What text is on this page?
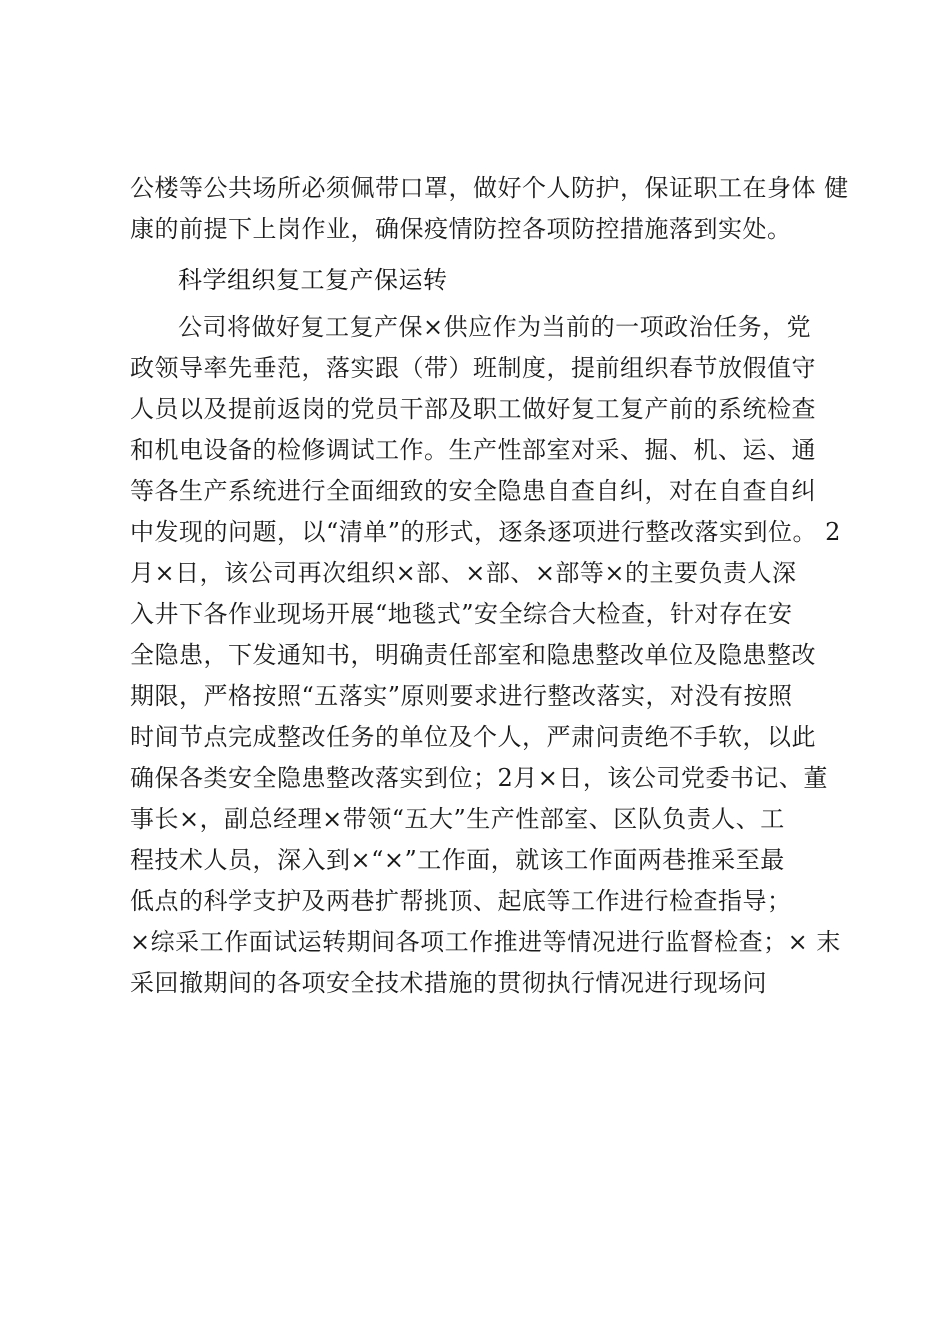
公楼等公共场所必须佩带口罩，做好个人防护，保证职工在身体 健
康的前提下上岗作业，确保疫情防控各项防控措施落到实处。
科学组织复工复产保运转
公司将做好复工复产保×供应作为当前的一项政治任务，党
政领导率先垂范，落实跟（带）班制度，提前组织春节放假值守
人员以及提前返岗的党员干部及职工做好复工复产前的系统检查
和机电设备的检修调试工作。生产性部室对采、掘、机、运、通
等各生产系统进行全面细致的安全隐患自查自纠，对在自查自纠
中发现的问题，以“清单”的形式，逐条逐项进行整改落实到位。 2
月×日，该公司再次组织×部、×部、×部等×的主要负责人深
入井下各作业现场开展“地毯式”安全综合大检查，针对存在安
全隐患，下发通知书，明确责任部室和隐患整改单位及隐患整改
期限，严格按照“五落实”原则要求进行整改落实，对没有按照
时间节点完成整改任务的单位及个人，严肃问责绝不手软，以此
确保各类安全隐患整改落实到位；2月×日，该公司党委书记、董
事长×，副总经理×带领“五大”生产性部室、区队负责人、工
程技术人员，深入到×“×”工作面，就该工作面两巷推采至最
低点的科学支护及两巷扩帮挑顶、起底等工作进行检查指导；
×综采工作面试运转期间各项工作推进等情况进行监督检查；× 末
采回撤期间的各项安全技术措施的贯彻执行情况进行现场问
